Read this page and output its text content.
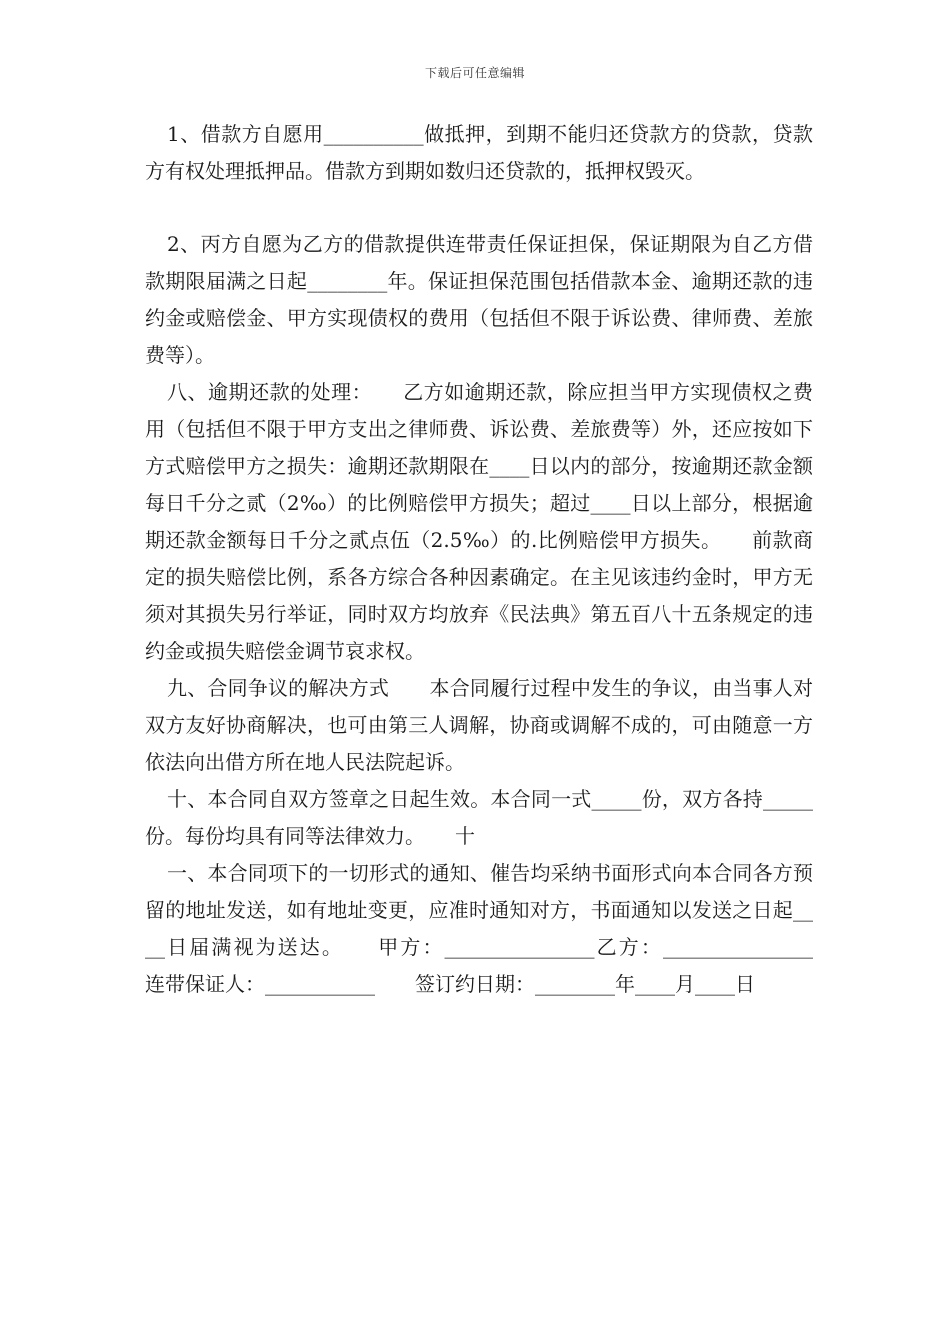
下载后可任意编辑

1、借款方自愿用__________做抵押，到期不能归还贷款方的贷款，贷款方有权处理抵押品。借款方到期如数归还贷款的，抵押权毁灭。

2、丙方自愿为乙方的借款提供连带责任保证担保，保证期限为自乙方借款期限届满之日起________年。保证担保范围包括借款本金、逾期还款的违约金或赔偿金、甲方实现债权的费用（包括但不限于诉讼费、律师费、差旅费等）。

八、逾期还款的处理：　　乙方如逾期还款，除应担当甲方实现债权之费用（包括但不限于甲方支出之律师费、诉讼费、差旅费等）外，还应按如下方式赔偿甲方之损失：逾期还款期限在____日以内的部分，按逾期还款金额每日千分之贰（2‰）的比例赔偿甲方损失；超过____日以上部分，根据逾期还款金额每日千分之贰点伍（2.5‰）的.比例赔偿甲方损失。　　前款商定的损失赔偿比例，系各方综合各种因素确定。在主见该违约金时，甲方无须对其损失另行举证，同时双方均放弃《民法典》第五百八十五条规定的违约金或损失赔偿金调节哀求权。

九、合同争议的解决方式　　本合同履行过程中发生的争议，由当事人对双方友好协商解决，也可由第三人调解，协商或调解不成的，可由随意一方依法向出借方所在地人民法院起诉。

十、本合同自双方签章之日起生效。本合同一式_____份，双方各持_____份。每份均具有同等法律效力。　　十

一、本合同项下的一切形式的通知、催告均采纳书面形式向本合同各方预留的地址发送，如有地址变更，应准时通知对方，书面通知以发送之日起____日届满视为送达。　　甲方：_______________乙方：_______________　　连带保证人：___________　　签订约日期：________年____月____日
